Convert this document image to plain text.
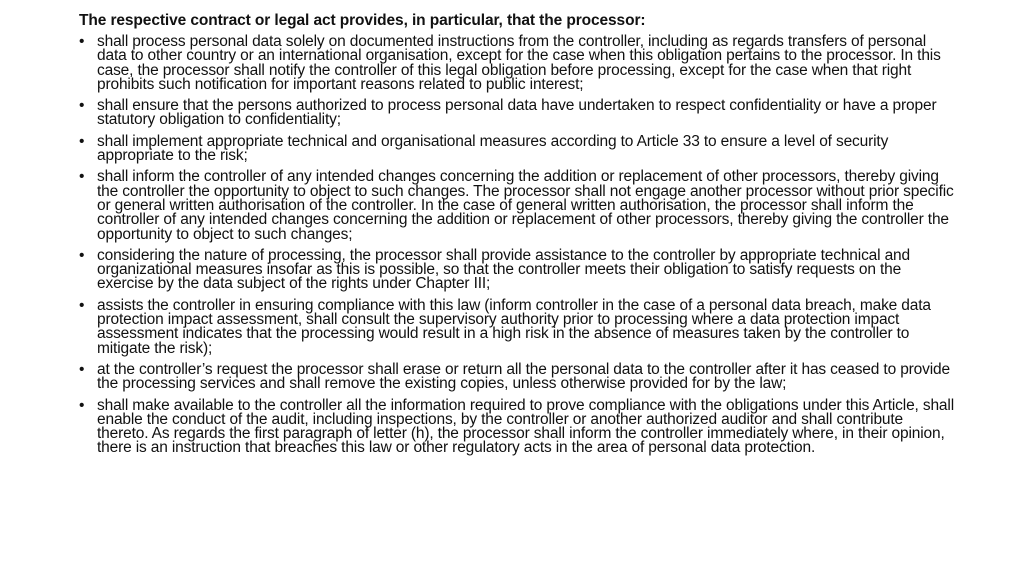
The respective contract or legal act provides, in particular, that the processor:

• shall process personal data solely on documented instructions from the controller, including as regards transfers of personal data to other country or an international organisation, except for the case when this obligation pertains to the processor. In this case, the processor shall notify the controller of this legal obligation before processing, except for the case when that right prohibits such notification for important reasons related to public interest;
• shall ensure that the persons authorized to process personal data have undertaken to respect confidentiality or have a proper statutory obligation to confidentiality;
• shall implement appropriate technical and organisational measures according to Article 33 to ensure a level of security appropriate to the risk;
• shall inform the controller of any intended changes concerning the addition or replacement of other processors, thereby giving the controller the opportunity to object to such changes. The processor shall not engage another processor without prior specific or general written authorisation of the controller. In the case of general written authorisation, the processor shall inform the controller of any intended changes concerning the addition or replacement of other processors, thereby giving the controller the opportunity to object to such changes;
• considering the nature of processing, the processor shall provide assistance to the controller by appropriate technical and organizational measures insofar as this is possible, so that the controller meets their obligation to satisfy requests on the exercise by the data subject of the rights under Chapter III;
• assists the controller in ensuring compliance with this law (inform controller in the case of a personal data breach, make data protection impact assessment, shall consult the supervisory authority prior to processing where a data protection impact assessment indicates that the processing would result in a high risk in the absence of measures taken by the controller to mitigate the risk);
• at the controller’s request the processor shall erase or return all the personal data to the controller after it has ceased to provide the processing services and shall remove the existing copies, unless otherwise provided for by the law;
• shall make available to the controller all the information required to prove compliance with the obligations under this Article, shall enable the conduct of the audit, including inspections, by the controller or another authorized auditor and shall contribute thereto. As regards the first paragraph of letter (h), the processor shall inform the controller immediately where, in their opinion, there is an instruction that breaches this law or other regulatory acts in the area of personal data protection.
